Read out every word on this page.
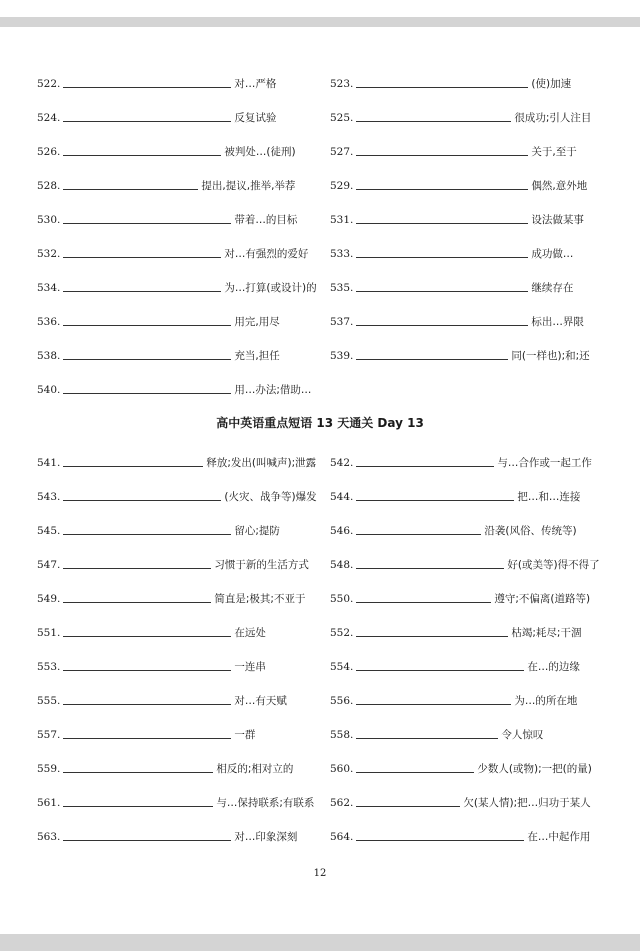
522.	对…严格	523.	(使)加速
524.	反复试验	525.	很成功;引人注目
526.	被判处…(徒刑)	527.	关于,至于
528.	提出,提议,推举,举荐	529.	偶然,意外地
530.	带着…的目标	531.	设法做某事
532.	对…有强烈的爱好 533.	成功做…
534.	为…打算(或设计)的 535.	继续存在
536.	用完,用尽	537.	标出…界限
538.	充当,担任	539.	同(一样也);和;还
540.	用…办法;借助…
高中英语重点短语 13 天通关 Day 13
541.	释放;发出(叫喊声);泄露 542.	与…合作或一起工作
543.	(火灾、战争等)爆发 544.	把…和…连接
545.	留心;提防	546.	沿袭(风俗、传统等)
547.	习惯于新的生活方式 548.	好(或美等)得不得了
549.	简直是;极其;不亚于 550.	遵守;不偏离(道路等)
551.	在远处	552.	枯竭;耗尽;干涸
553.	一连串	554.	在…的边缘
555.	对…有天赋	556.	为…的所在地
557.	一群	558.	令人惊叹
559.	相反的;相对立的	560.	少数人(或物);一把(的量)
561.	与…保持联系;有联系 562.	欠(某人情);把…归功于某人
563.	对…印象深刻	564.	在…中起作用
12
